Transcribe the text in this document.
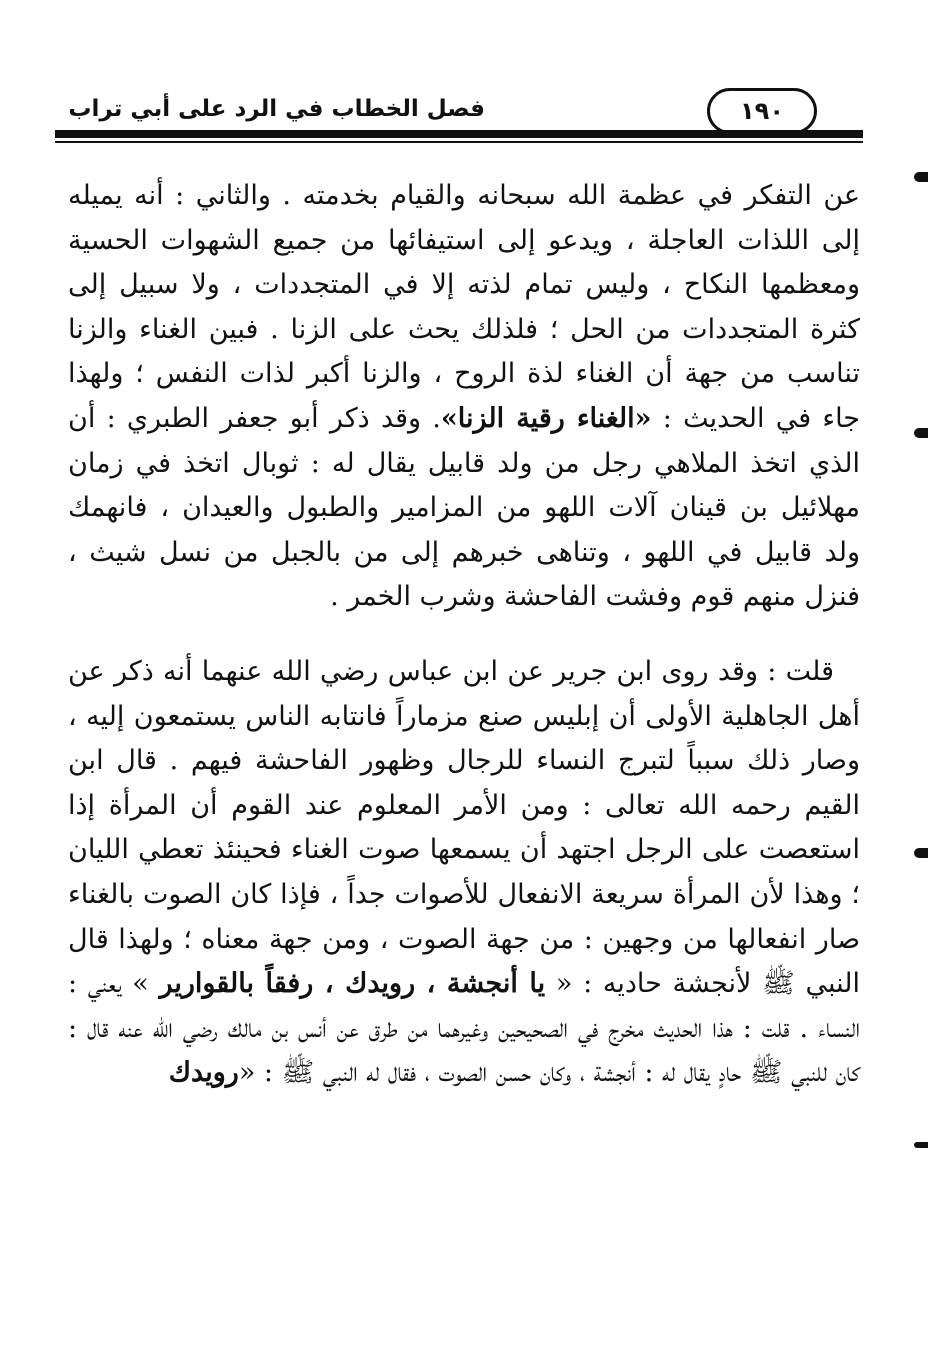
فصل الخطاب في الرد على أبي تراب	١٩٠

عن التفكر في عظمة الله سبحانه والقيام بخدمته . والثاني : أنه يميله إلى اللذات العاجلة ، ويدعو إلى استيفائها من جميع الشهوات الحسية ومعظمها النكاح ، وليس تمام لذته إلا في المتجددات ، ولا سبيل إلى كثرة المتجددات من الحل ؛ فلذلك يحث على الزنا . فبين الغناء والزنا تناسب من جهة أن الغناء لذة الروح ، والزنا أكبر لذات النفس ؛ ولهذا جاء في الحديث : «الغناء رقية الزنا». وقد ذكر أبو جعفر الطبري : أن الذي اتخذ الملاهي رجل من ولد قابيل يقال له : ثوبال اتخذ في زمان مهلائيل بن قينان آلات اللهو من المزامير والطبول والعيدان ، فانهمك ولد قابيل في اللهو ، وتناهى خبرهم إلى من بالجبل من نسل شيث ، فنزل منهم قوم وفشت الفاحشة وشرب الخمر .

قلت : وقد روى ابن جرير عن ابن عباس رضي الله عنهما أنه ذكر عن أهل الجاهلية الأولى أن إبليس صنع مزماراً فانتابه الناس يستمعون إليه ، وصار ذلك سبباً لتبرج النساء للرجال وظهور الفاحشة فيهم . قال ابن القيم رحمه الله تعالى : ومن الأمر المعلوم عند القوم أن المرأة إذا استعصت على الرجل اجتهد أن يسمعها صوت الغناء فحينئذ تعطي الليان ؛ وهذا لأن المرأة سريعة الانفعال للأصوات جداً ، فإذا كان الصوت بالغناء صار انفعالها من وجهين : من جهة الصوت ، ومن جهة معناه ؛ ولهذا قال النبي ﷺ لأنجشة حاديه : « يا أنجشة ، رويدك ، رفقاً بالقوارير » يعني : النساء . قلت : هذا الحديث مخرج في الصحيحين وغيرهما من طرق عن أنس بن مالك رضي الله عنه قال : كان للنبي ﷺ حادٍ يقال له : أنجشة ، وكان حسن الصوت ، فقال له النبي ﷺ : «رويدك
